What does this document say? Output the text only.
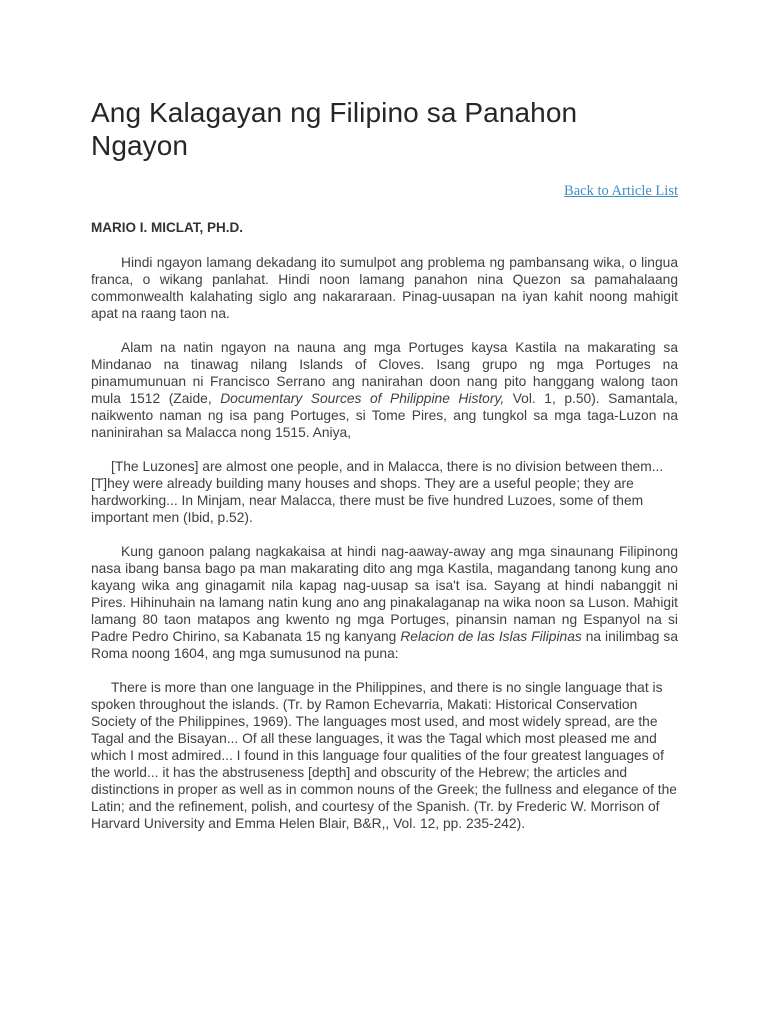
Ang Kalagayan ng Filipino sa Panahon Ngayon
Back to Article List
MARIO I. MICLAT, PH.D.

Hindi ngayon lamang dekadang ito sumulpot ang problema ng pambansang wika, o lingua franca, o wikang panlahat. Hindi noon lamang panahon nina Quezon sa pamahalaang commonwealth kalahating siglo ang nakararaan. Pinag-uusapan na iyan kahit noong mahigit apat na raang taon na.

Alam na natin ngayon na nauna ang mga Portuges kaysa Kastila na makarating sa Mindanao na tinawag nilang Islands of Cloves. Isang grupo ng mga Portuges na pinamumunuan ni Francisco Serrano ang nanirahan doon nang pito hanggang walong taon mula 1512 (Zaide, Documentary Sources of Philippine History, Vol. 1, p.50). Samantala, naikwento naman ng isa pang Portuges, si Tome Pires, ang tungkol sa mga taga-Luzon na naninirahan sa Malacca nong 1515. Aniya,

[The Luzones] are almost one people, and in Malacca, there is no division between them... [T]hey were already building many houses and shops. They are a useful people; they are hardworking... In Minjam, near Malacca, there must be five hundred Luzoes, some of them important men (Ibid, p.52).

Kung ganoon palang nagkakaisa at hindi nag-aaway-away ang mga sinaunang Filipinong nasa ibang bansa bago pa man makarating dito ang mga Kastila, magandang tanong kung ano kayang wika ang ginagamit nila kapag nag-uusap sa isa't isa. Sayang at hindi nabanggit ni Pires. Hihinuhain na lamang natin kung ano ang pinakalaganap na wika noon sa Luson. Mahigit lamang 80 taon matapos ang kwento ng mga Portuges, pinansin naman ng Espanyol na si Padre Pedro Chirino, sa Kabanata 15 ng kanyang Relacion de las Islas Filipinas na inilimbag sa Roma noong 1604, ang mga sumusunod na puna:

There is more than one language in the Philippines, and there is no single language that is spoken throughout the islands. (Tr. by Ramon Echevarria, Makati: Historical Conservation Society of the Philippines, 1969). The languages most used, and most widely spread, are the Tagal and the Bisayan... Of all these languages, it was the Tagal which most pleased me and which I most admired... I found in this language four qualities of the four greatest languages of the world... it has the abstruseness [depth] and obscurity of the Hebrew; the articles and distinctions in proper as well as in common nouns of the Greek; the fullness and elegance of the Latin; and the refinement, polish, and courtesy of the Spanish. (Tr. by Frederic W. Morrison of Harvard University and Emma Helen Blair, B&R,, Vol. 12, pp. 235-242).
